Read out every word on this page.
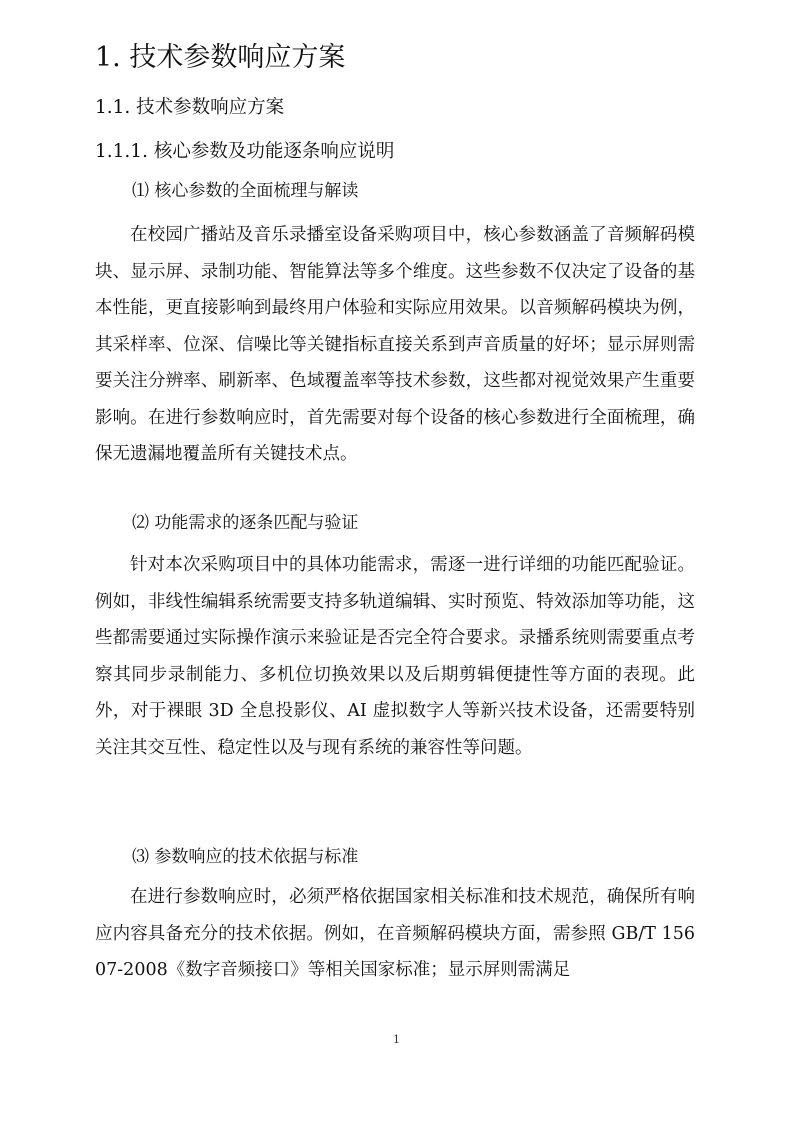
1. 技术参数响应方案
1.1. 技术参数响应方案
1.1.1. 核心参数及功能逐条响应说明
⑴ 核心参数的全面梳理与解读

在校园广播站及音乐录播室设备采购项目中，核心参数涵盖了音频解码模块、显示屏、录制功能、智能算法等多个维度。这些参数不仅决定了设备的基本性能，更直接影响到最终用户体验和实际应用效果。以音频解码模块为例，其采样率、位深、信噪比等关键指标直接关系到声音质量的好坏；显示屏则需要关注分辨率、刷新率、色域覆盖率等技术参数，这些都对视觉效果产生重要影响。在进行参数响应时，首先需要对每个设备的核心参数进行全面梳理，确保无遗漏地覆盖所有关键技术点。

⑵ 功能需求的逐条匹配与验证

针对本次采购项目中的具体功能需求，需逐一进行详细的功能匹配验证。例如，非线性编辑系统需要支持多轨道编辑、实时预览、特效添加等功能，这些都需要通过实际操作演示来验证是否完全符合要求。录播系统则需要重点考察其同步录制能力、多机位切换效果以及后期剪辑便捷性等方面的表现。此外，对于裸眼 3D 全息投影仪、AI 虚拟数字人等新兴技术设备，还需要特别关注其交互性、稳定性以及与现有系统的兼容性等问题。

⑶ 参数响应的技术依据与标准

在进行参数响应时，必须严格依据国家相关标准和技术规范，确保所有响应内容具备充分的技术依据。例如，在音频解码模块方面，需参照 GB/T 15607-2008《数字音频接口》等相关国家标准；显示屏则需满足

1
